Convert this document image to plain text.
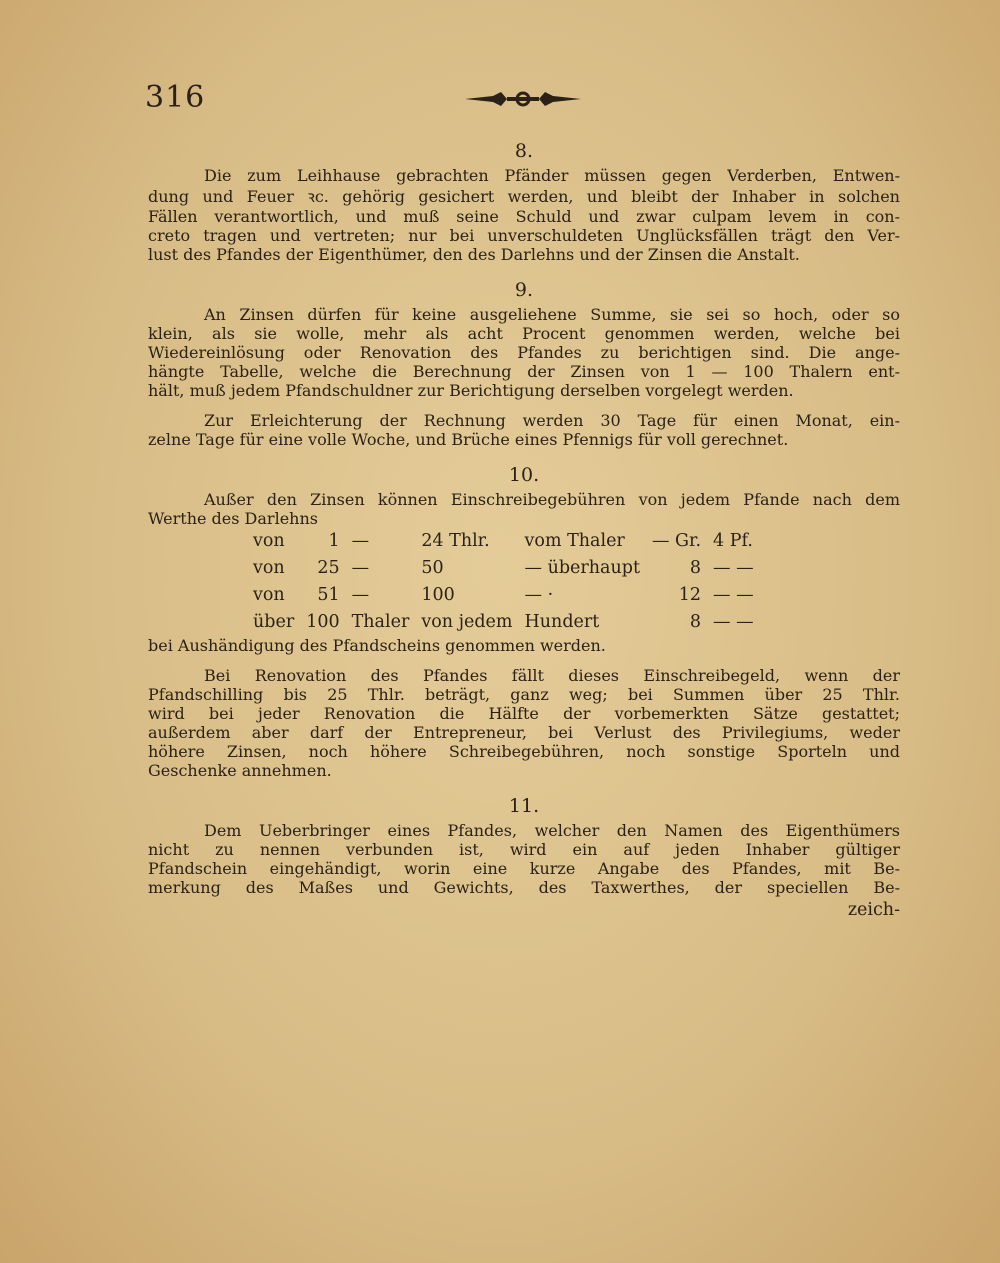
316

8.

Die zum Leihhause gebrachten Pfänder müssen gegen Verderben, Entwen-
dung und Feuer ꝛc. gehörig gesichert werden, und bleibt der Inhaber in solchen
Fällen verantwortlich, und muß seine Schuld und zwar culpam levem in con-
creto tragen und vertreten; nur bei unverschuldeten Unglücksfällen trägt den Ver-
lust des Pfandes der Eigenthümer, den des Darlehns und der Zinsen die Anstalt.

9.

An Zinsen dürfen für keine ausgeliehene Summe, sie sei so hoch, oder so
klein, als sie wolle, mehr als acht Procent genommen werden, welche bei
Wiedereinlösung oder Renovation des Pfandes zu berichtigen sind. Die ange-
hängte Tabelle, welche die Berechnung der Zinsen von 1 — 100 Thalern ent-
hält, muß jedem Pfandschuldner zur Berichtigung derselben vorgelegt werden.
Zur Erleichterung der Rechnung werden 30 Tage für einen Monat, ein-
zelne Tage für eine volle Woche, und Brüche eines Pfennigs für voll gerechnet.

10.

Außer den Zinsen können Einschreibegebühren von jedem Pfande nach dem
Werthe des Darlehns
von	1	—	24 Thlr.	vom Thaler	— Gr.	4 Pf.
von	25	—	50	— überhaupt	8	— —
von	51	—	100	— ·	12	— —
über	100	Thaler	von jedem	Hundert	8	— —
bei Aushändigung des Pfandscheins genommen werden.
Bei Renovation des Pfandes fällt dieses Einschreibegeld, wenn der
Pfandschilling bis 25 Thlr. beträgt, ganz weg; bei Summen über 25 Thlr.
wird bei jeder Renovation die Hälfte der vorbemerkten Sätze gestattet;
außerdem aber darf der Entrepreneur, bei Verlust des Privilegiums, weder
höhere Zinsen, noch höhere Schreibegebühren, noch sonstige Sporteln und
Geschenke annehmen.

11.

Dem Ueberbringer eines Pfandes, welcher den Namen des Eigenthümers
nicht zu nennen verbunden ist, wird ein auf jeden Inhaber gültiger
Pfandschein eingehändigt, worin eine kurze Angabe des Pfandes, mit Be-
merkung des Maßes und Gewichts, des Taxwerthes, der speciellen Be-

zeich-
